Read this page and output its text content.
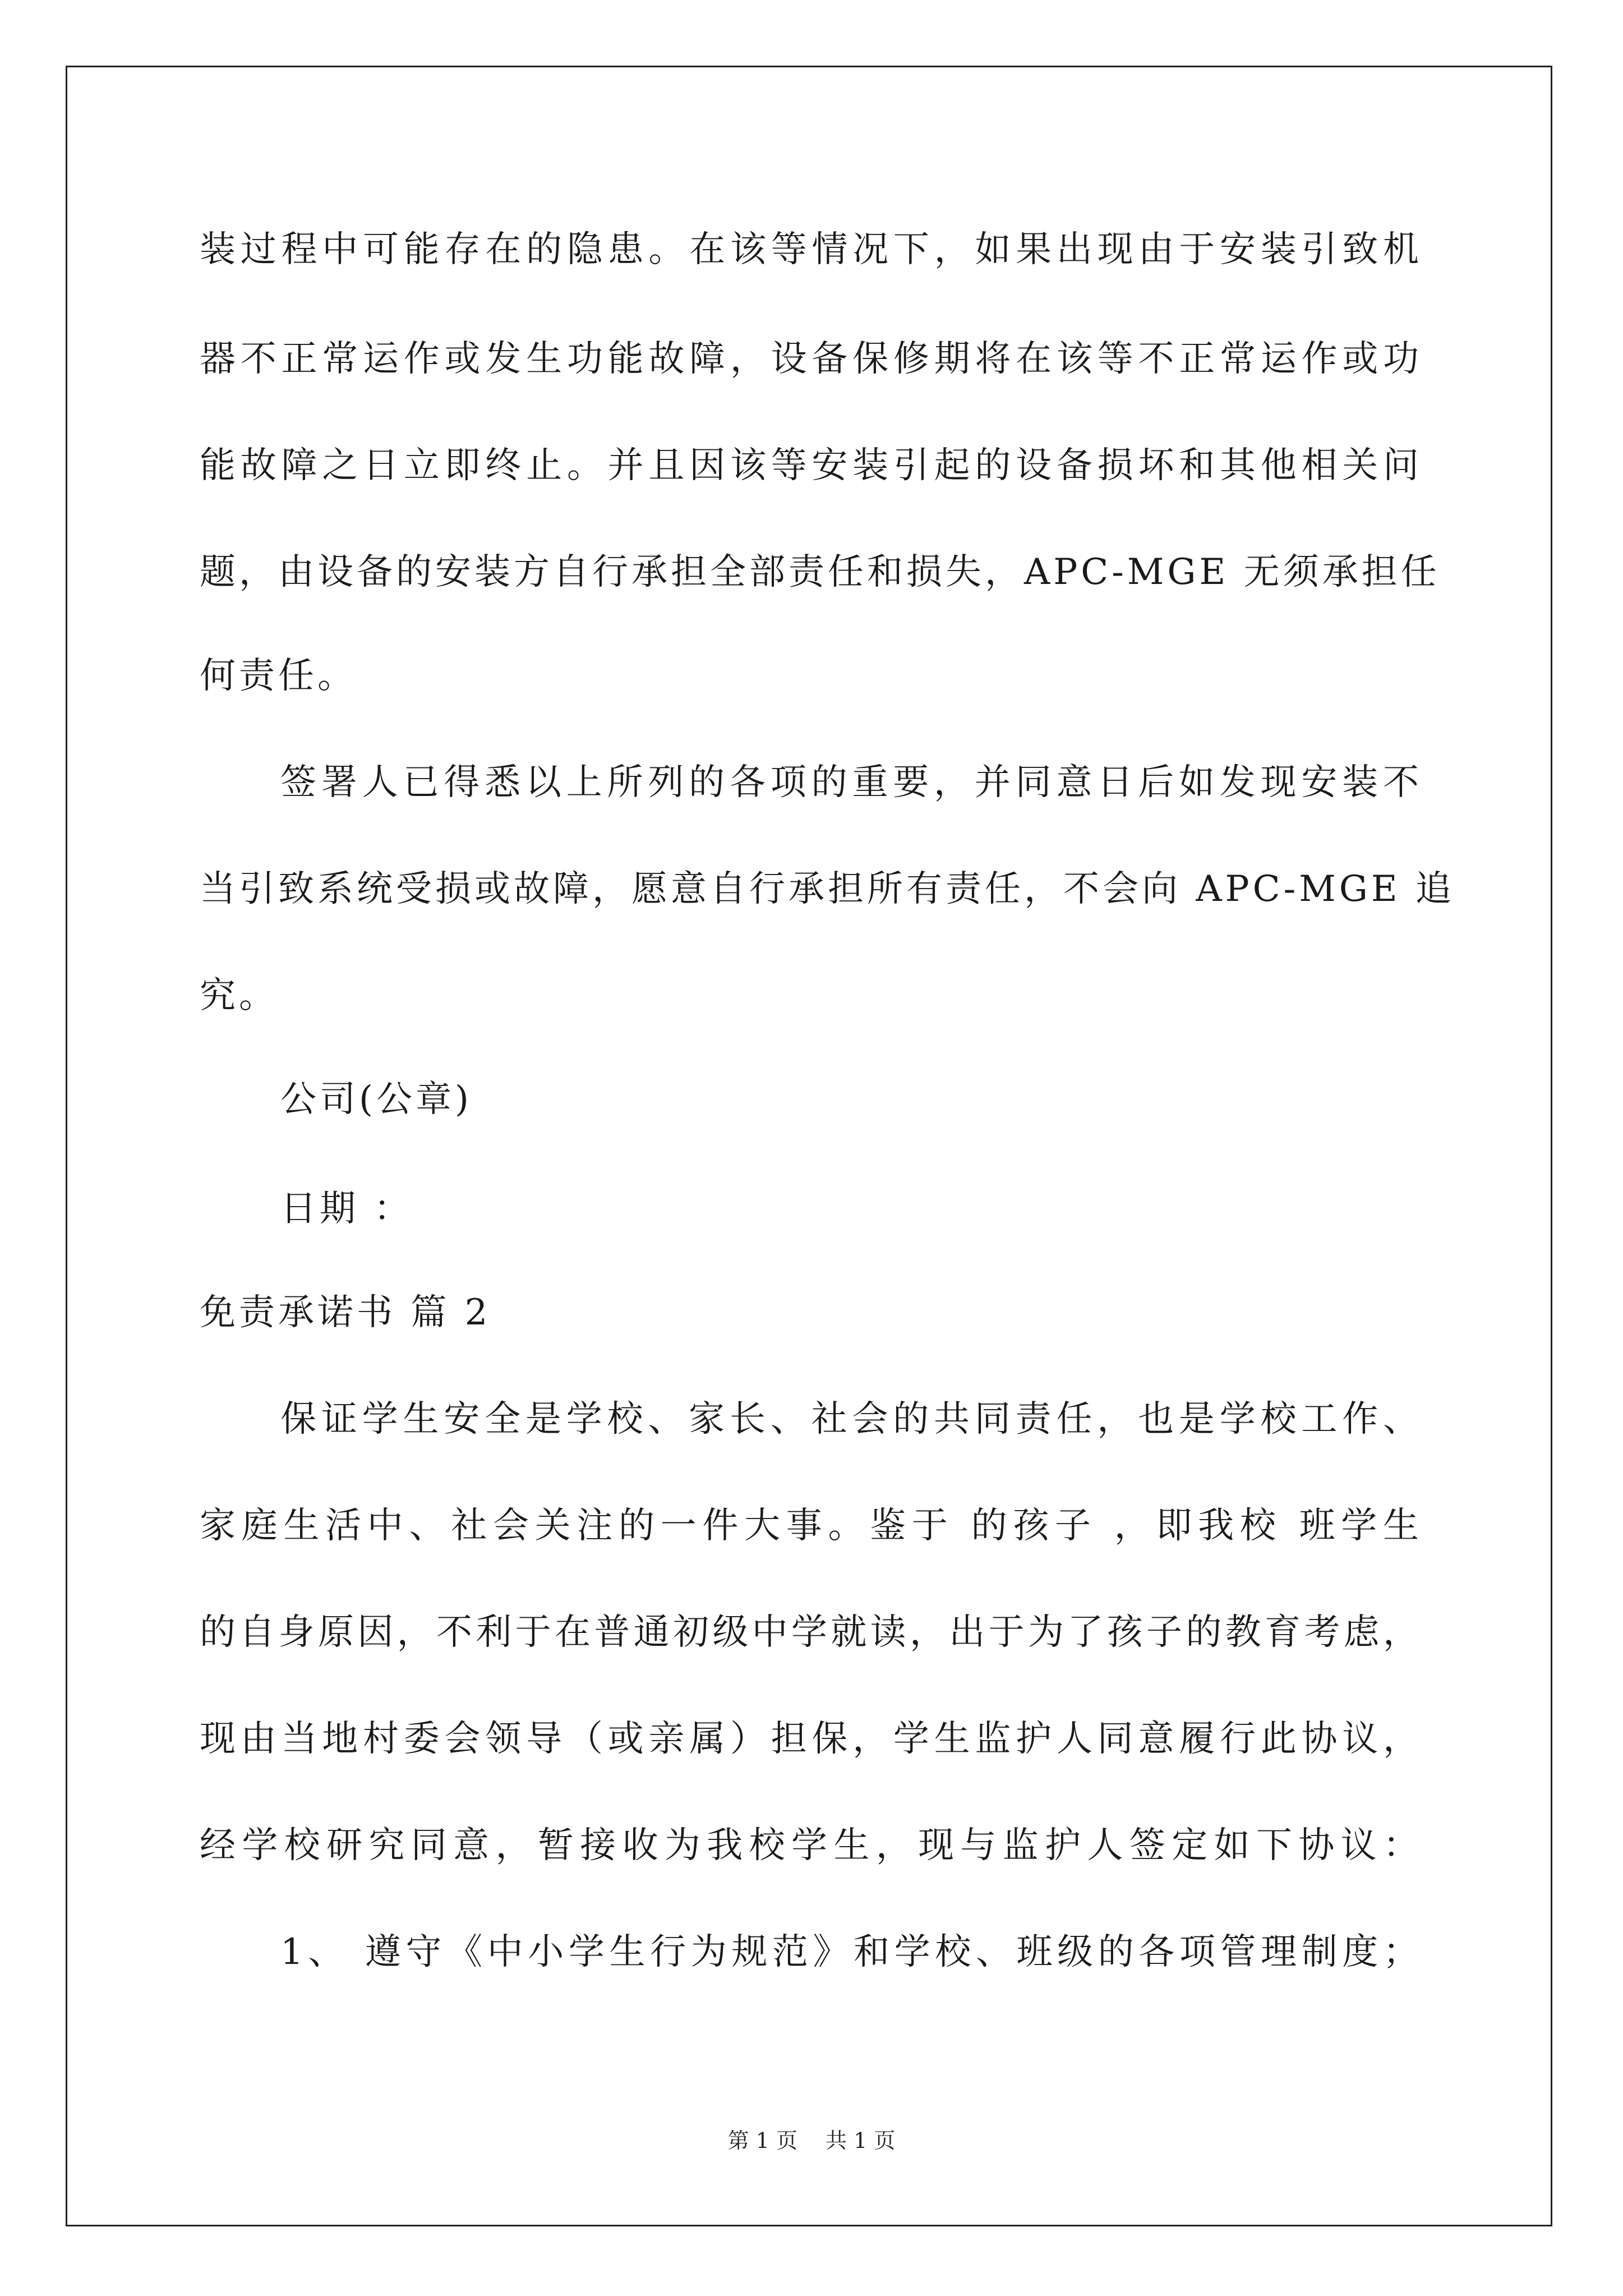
装过程中可能存在的隐患。在该等情况下，如果出现由于安装引致机
器不正常运作或发生功能故障，设备保修期将在该等不正常运作或功
能故障之日立即终止。并且因该等安装引起的设备损坏和其他相关问
题，由设备的安装方自行承担全部责任和损失，APC-MGE 无须承担任
何责任。
签署人已得悉以上所列的各项的重要，并同意日后如发现安装不
当引致系统受损或故障，愿意自行承担所有责任，不会向 APC-MGE 追
究。
公司(公章)
日期 ：
免责承诺书 篇 2
保证学生安全是学校、家长、社会的共同责任，也是学校工作、
家庭生活中、社会关注的一件大事。鉴于 的孩子 ，即我校 班学生
的自身原因，不利于在普通初级中学就读，出于为了孩子的教育考虑，
现由当地村委会领导（或亲属）担保，学生监护人同意履行此协议，
经学校研究同意，暂接收为我校学生，现与监护人签定如下协议：
1、 遵守《中小学生行为规范》和学校、班级的各项管理制度；
第 1 页 共 1 页
